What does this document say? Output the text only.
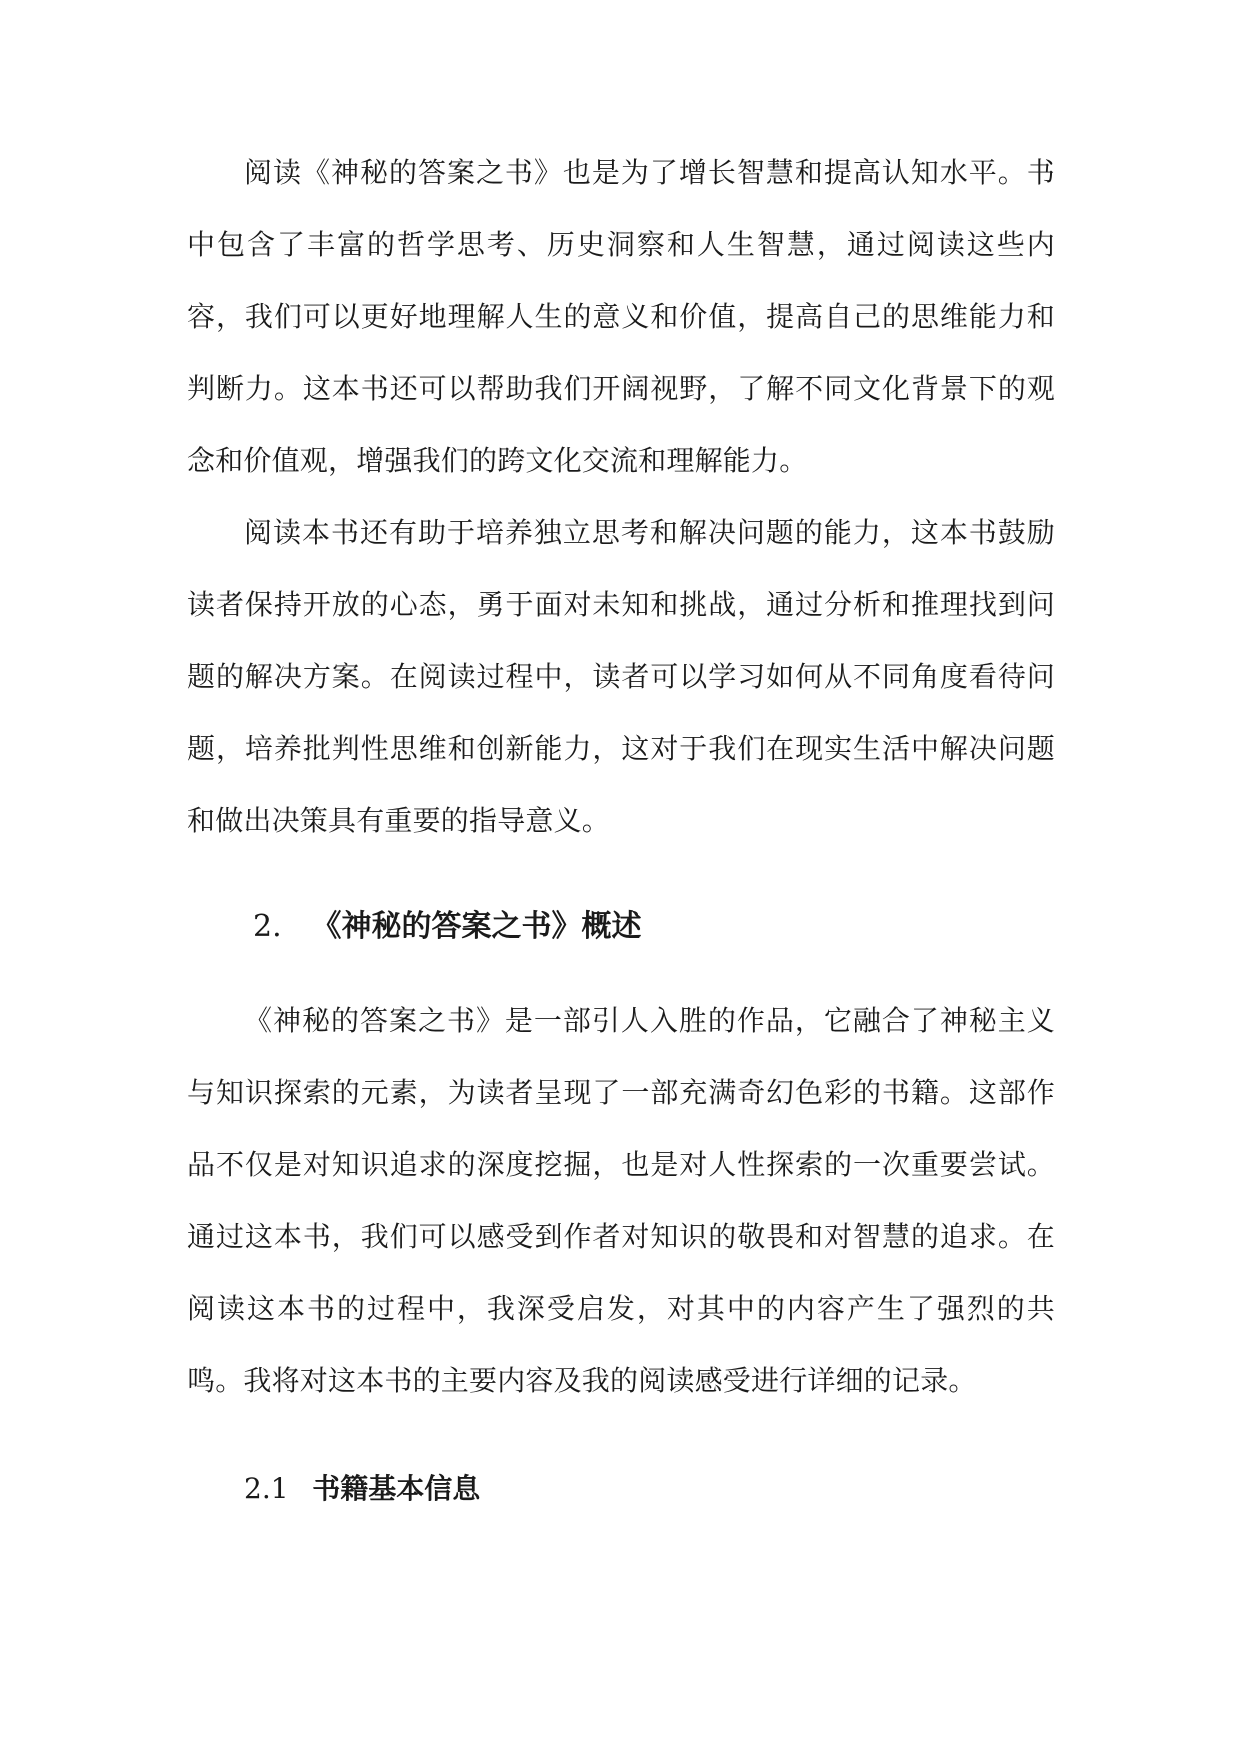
阅读《神秘的答案之书》也是为了增长智慧和提高认知水平。书中包含了丰富的哲学思考、历史洞察和人生智慧，通过阅读这些内容，我们可以更好地理解人生的意义和价值，提高自己的思维能力和判断力。这本书还可以帮助我们开阔视野，了解不同文化背景下的观念和价值观，增强我们的跨文化交流和理解能力。

阅读本书还有助于培养独立思考和解决问题的能力，这本书鼓励读者保持开放的心态，勇于面对未知和挑战，通过分析和推理找到问题的解决方案。在阅读过程中，读者可以学习如何从不同角度看待问题，培养批判性思维和创新能力，这对于我们在现实生活中解决问题和做出决策具有重要的指导意义。

2. 《神秘的答案之书》概述

《神秘的答案之书》是一部引人入胜的作品，它融合了神秘主义与知识探索的元素，为读者呈现了一部充满奇幻色彩的书籍。这部作品不仅是对知识追求的深度挖掘，也是对人性探索的一次重要尝试。通过这本书，我们可以感受到作者对知识的敬畏和对智慧的追求。在阅读这本书的过程中，我深受启发，对其中的内容产生了强烈的共鸣。我将对这本书的主要内容及我的阅读感受进行详细的记录。

2.1 书籍基本信息
